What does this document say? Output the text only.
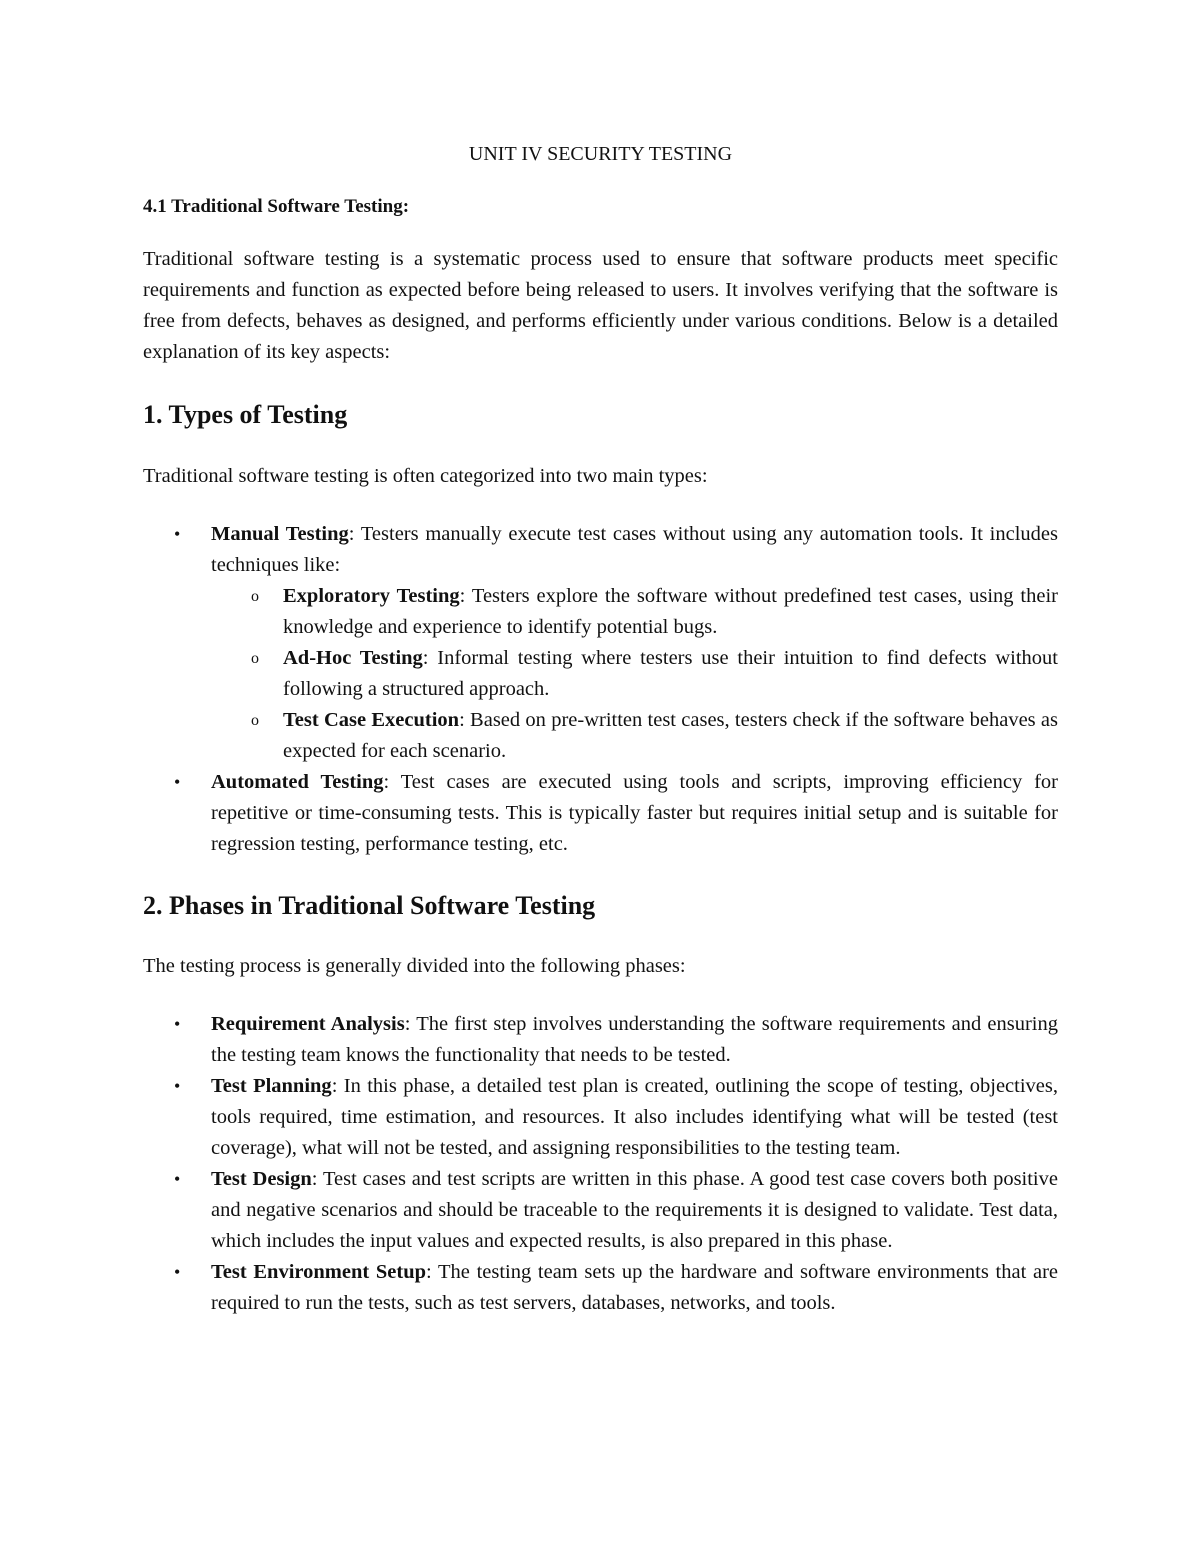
UNIT IV SECURITY TESTING
4.1 Traditional Software Testing:

Traditional software testing is a systematic process used to ensure that software products meet specific requirements and function as expected before being released to users. It involves verifying that the software is free from defects, behaves as designed, and performs efficiently under various conditions. Below is a detailed explanation of its key aspects:

1. Types of Testing

Traditional software testing is often categorized into two main types:

• Manual Testing: Testers manually execute test cases without using any automation tools. It includes techniques like:
o Exploratory Testing: Testers explore the software without predefined test cases, using their knowledge and experience to identify potential bugs.
o Ad-Hoc Testing: Informal testing where testers use their intuition to find defects without following a structured approach.
o Test Case Execution: Based on pre-written test cases, testers check if the software behaves as expected for each scenario.
• Automated Testing: Test cases are executed using tools and scripts, improving efficiency for repetitive or time-consuming tests. This is typically faster but requires initial setup and is suitable for regression testing, performance testing, etc.
2. Phases in Traditional Software Testing

The testing process is generally divided into the following phases:

• Requirement Analysis: The first step involves understanding the software requirements and ensuring the testing team knows the functionality that needs to be tested.
• Test Planning: In this phase, a detailed test plan is created, outlining the scope of testing, objectives, tools required, time estimation, and resources. It also includes identifying what will be tested (test coverage), what will not be tested, and assigning responsibilities to the testing team.
• Test Design: Test cases and test scripts are written in this phase. A good test case covers both positive and negative scenarios and should be traceable to the requirements it is designed to validate. Test data, which includes the input values and expected results, is also prepared in this phase.
• Test Environment Setup: The testing team sets up the hardware and software environments that are required to run the tests, such as test servers, databases, networks, and tools.
